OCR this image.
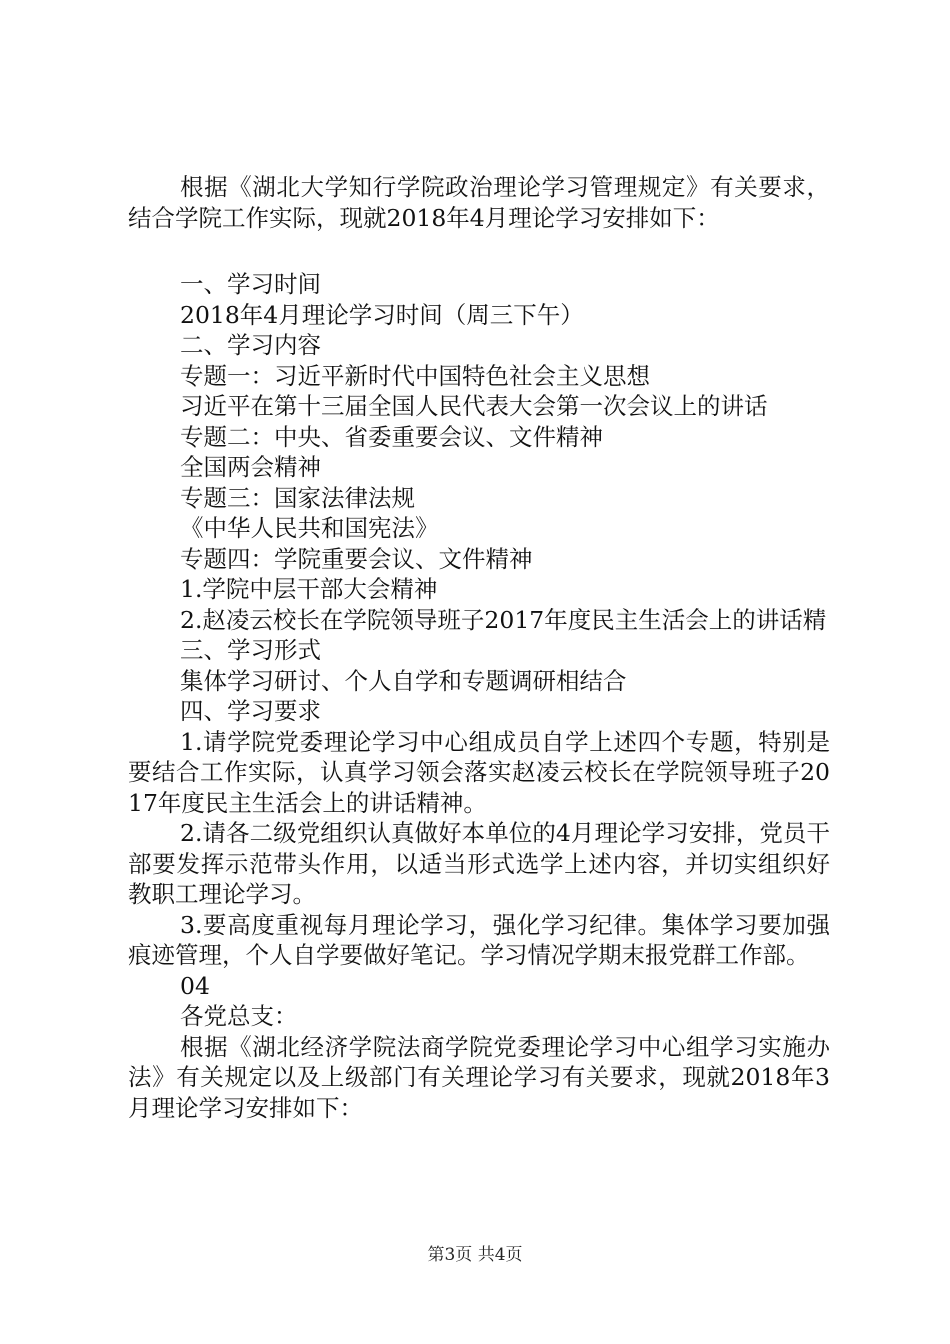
根据《湖北大学知行学院政治理论学习管理规定》有关要求，结合学院工作实际，现就2018年4月理论学习安排如下：
一、学习时间
2018年4月理论学习时间（周三下午）
二、学习内容
专题一：习近平新时代中国特色社会主义思想
习近平在第十三届全国人民代表大会第一次会议上的讲话
专题二：中央、省委重要会议、文件精神
全国两会精神
专题三：国家法律法规
《中华人民共和国宪法》
专题四：学院重要会议、文件精神
1.学院中层干部大会精神
2.赵凌云校长在学院领导班子2017年度民主生活会上的讲话精
三、学习形式
集体学习研讨、个人自学和专题调研相结合
四、学习要求
1.请学院党委理论学习中心组成员自学上述四个专题，特别是要结合工作实际，认真学习领会落实赵凌云校长在学院领导班子2017年度民主生活会上的讲话精神。
2.请各二级党组织认真做好本单位的4月理论学习安排，党员干部要发挥示范带头作用，以适当形式选学上述内容，并切实组织好教职工理论学习。
3.要高度重视每月理论学习，强化学习纪律。集体学习要加强痕迹管理，个人自学要做好笔记。学习情况学期末报党群工作部。
04
各党总支：
根据《湖北经济学院法商学院党委理论学习中心组学习实施办法》有关规定以及上级部门有关理论学习有关要求，现就2018年3月理论学习安排如下：
第3页 共4页
